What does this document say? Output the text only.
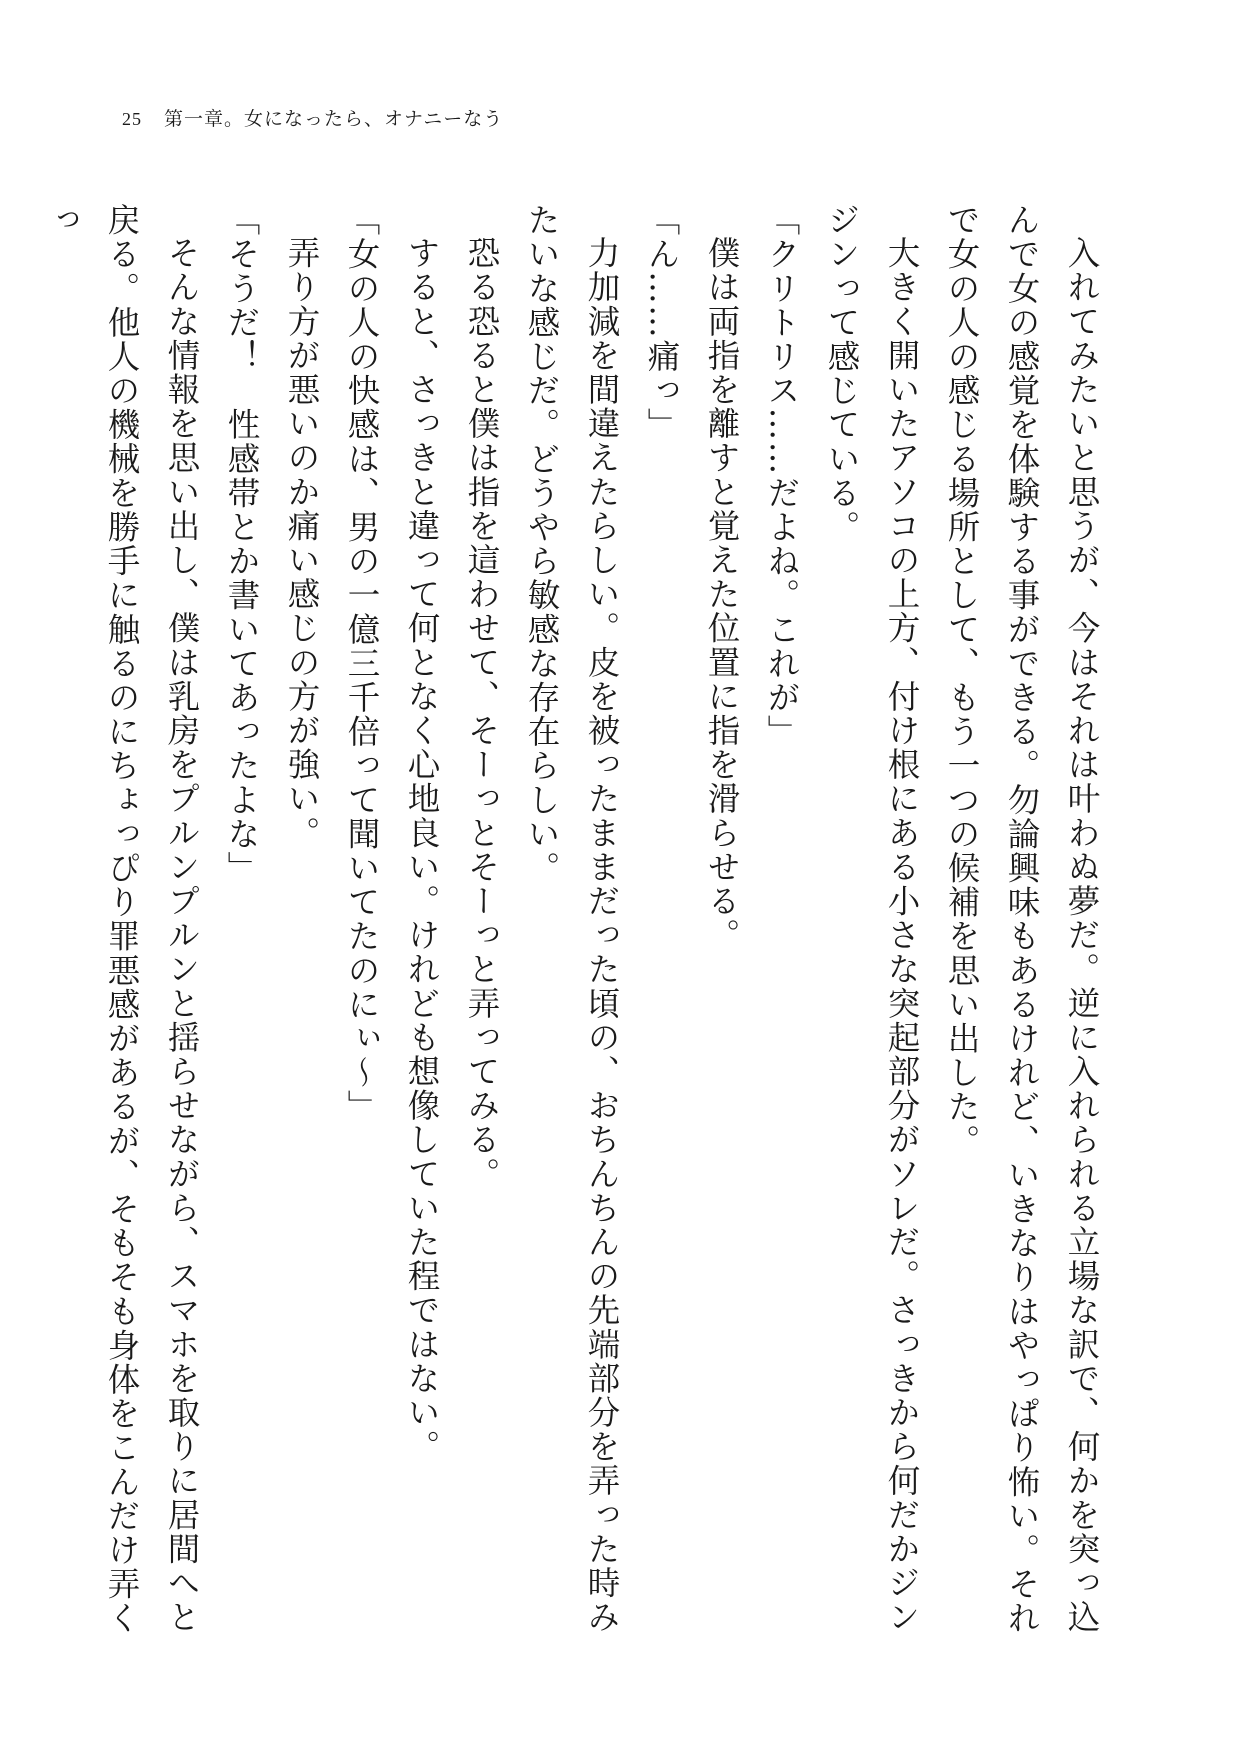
25 第一章。女になったら、オナニーなう

入れてみたいと思うが、今はそれは叶わぬ夢だ。逆に入れられる立場な訳で、何かを突っ込んで女の感覚を体験する事ができる。勿論興味もあるけれど、いきなりはやっぱり怖い。それで女の人の感じる場所として、もう一つの候補を思い出した。

大きく開いたアソコの上方、付け根にある小さな突起部分がソレだ。さっきから何だかジンジンって感じている。

「クリトリス……だよね。これが」

僕は両指を離すと覚えた位置に指を滑らせる。

「ん……痛っ」

力加減を間違えたらしい。皮を被ったままだった頃の、おちんちんの先端部分を弄った時みたいな感じだ。どうやら敏感な存在らしい。

恐る恐ると僕は指を這わせて、そーっとそーっと弄ってみる。

すると、さっきと違って何となく心地良い。けれども想像していた程ではない。

「女の人の快感は、男の一億三千倍って聞いてたのにぃ～」

弄り方が悪いのか痛い感じの方が強い。

「そうだ！　性感帯とか書いてあったよな」

そんな情報を思い出し、僕は乳房をプルンプルンと揺らせながら、スマホを取りに居間へと戻る。他人の機械を勝手に触るのにちょっぴり罪悪感があるが、そもそも身体をこんだけ弄くっ
